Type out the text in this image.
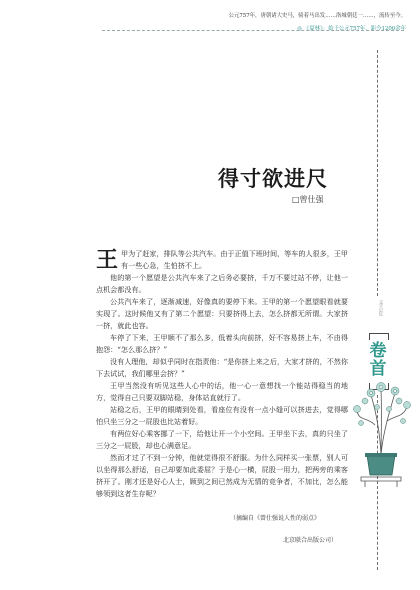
公元757年，唐朝诸大史马，骑着马出发……洛城朝廷一……，流传至今。
◎ 《夏林》：始于公元757年，距今1200余年
文字记忆
卷
首
得寸欲进尺
□曾仕强

王甲为了赶家，排队等公共汽车。由于正值下班时间，等车的人很多，王甲有一些心急，生怕挤不上。

他的第一个愿望是公共汽车来了之后务必要挤，千万不要过站不停，让他一点机会都没有。

公共汽车来了，逐渐减速，好像真的要停下来。王甲的第一个愿望眼看就要实现了。这时候他又有了第二个愿望：只要挤得上去，怎么挤都无所谓。大家挤一挤，就此也容。

车停了下来，王甲顺不了那么多，低着头向前挤，好不容易挤上车，不由得抱怨：“怎么那么挤？”

没有人理他，却似乎同时在指责他：“是你挤上来之后，大家才挤的，不然你下去试试，我们哪里会挤？”

王甲当然没有听见这些人心中的话，他一心一意想找一个能站得稳当的地方，觉得自己只要双脚站稳，身体站直就行了。

站稳之后，王甲的眼睛到处看，看座位有没有一点小缝可以挤进去，觉得哪怕只坐三分之一屁股也比站着好。

有两位好心乘客挪了一下，给他让开一个小空间。王甲坐下去，真的只坐了三分之一屁股，却也心满意足。

然而才过了不到一分钟，他就觉得很不舒服。为什么同样买一张票，别人可以坐得那么舒适，自己却要加此委屈？于是心一横，屁股一用力，把两旁的乘客挤开了。刚才还是好心人士，顾到之间已然成为无情的竞争者，不加比，怎么能够领到这者生存呢？

（摘编自《曾仕强说人性的弱点》
北京联合出版公司）
